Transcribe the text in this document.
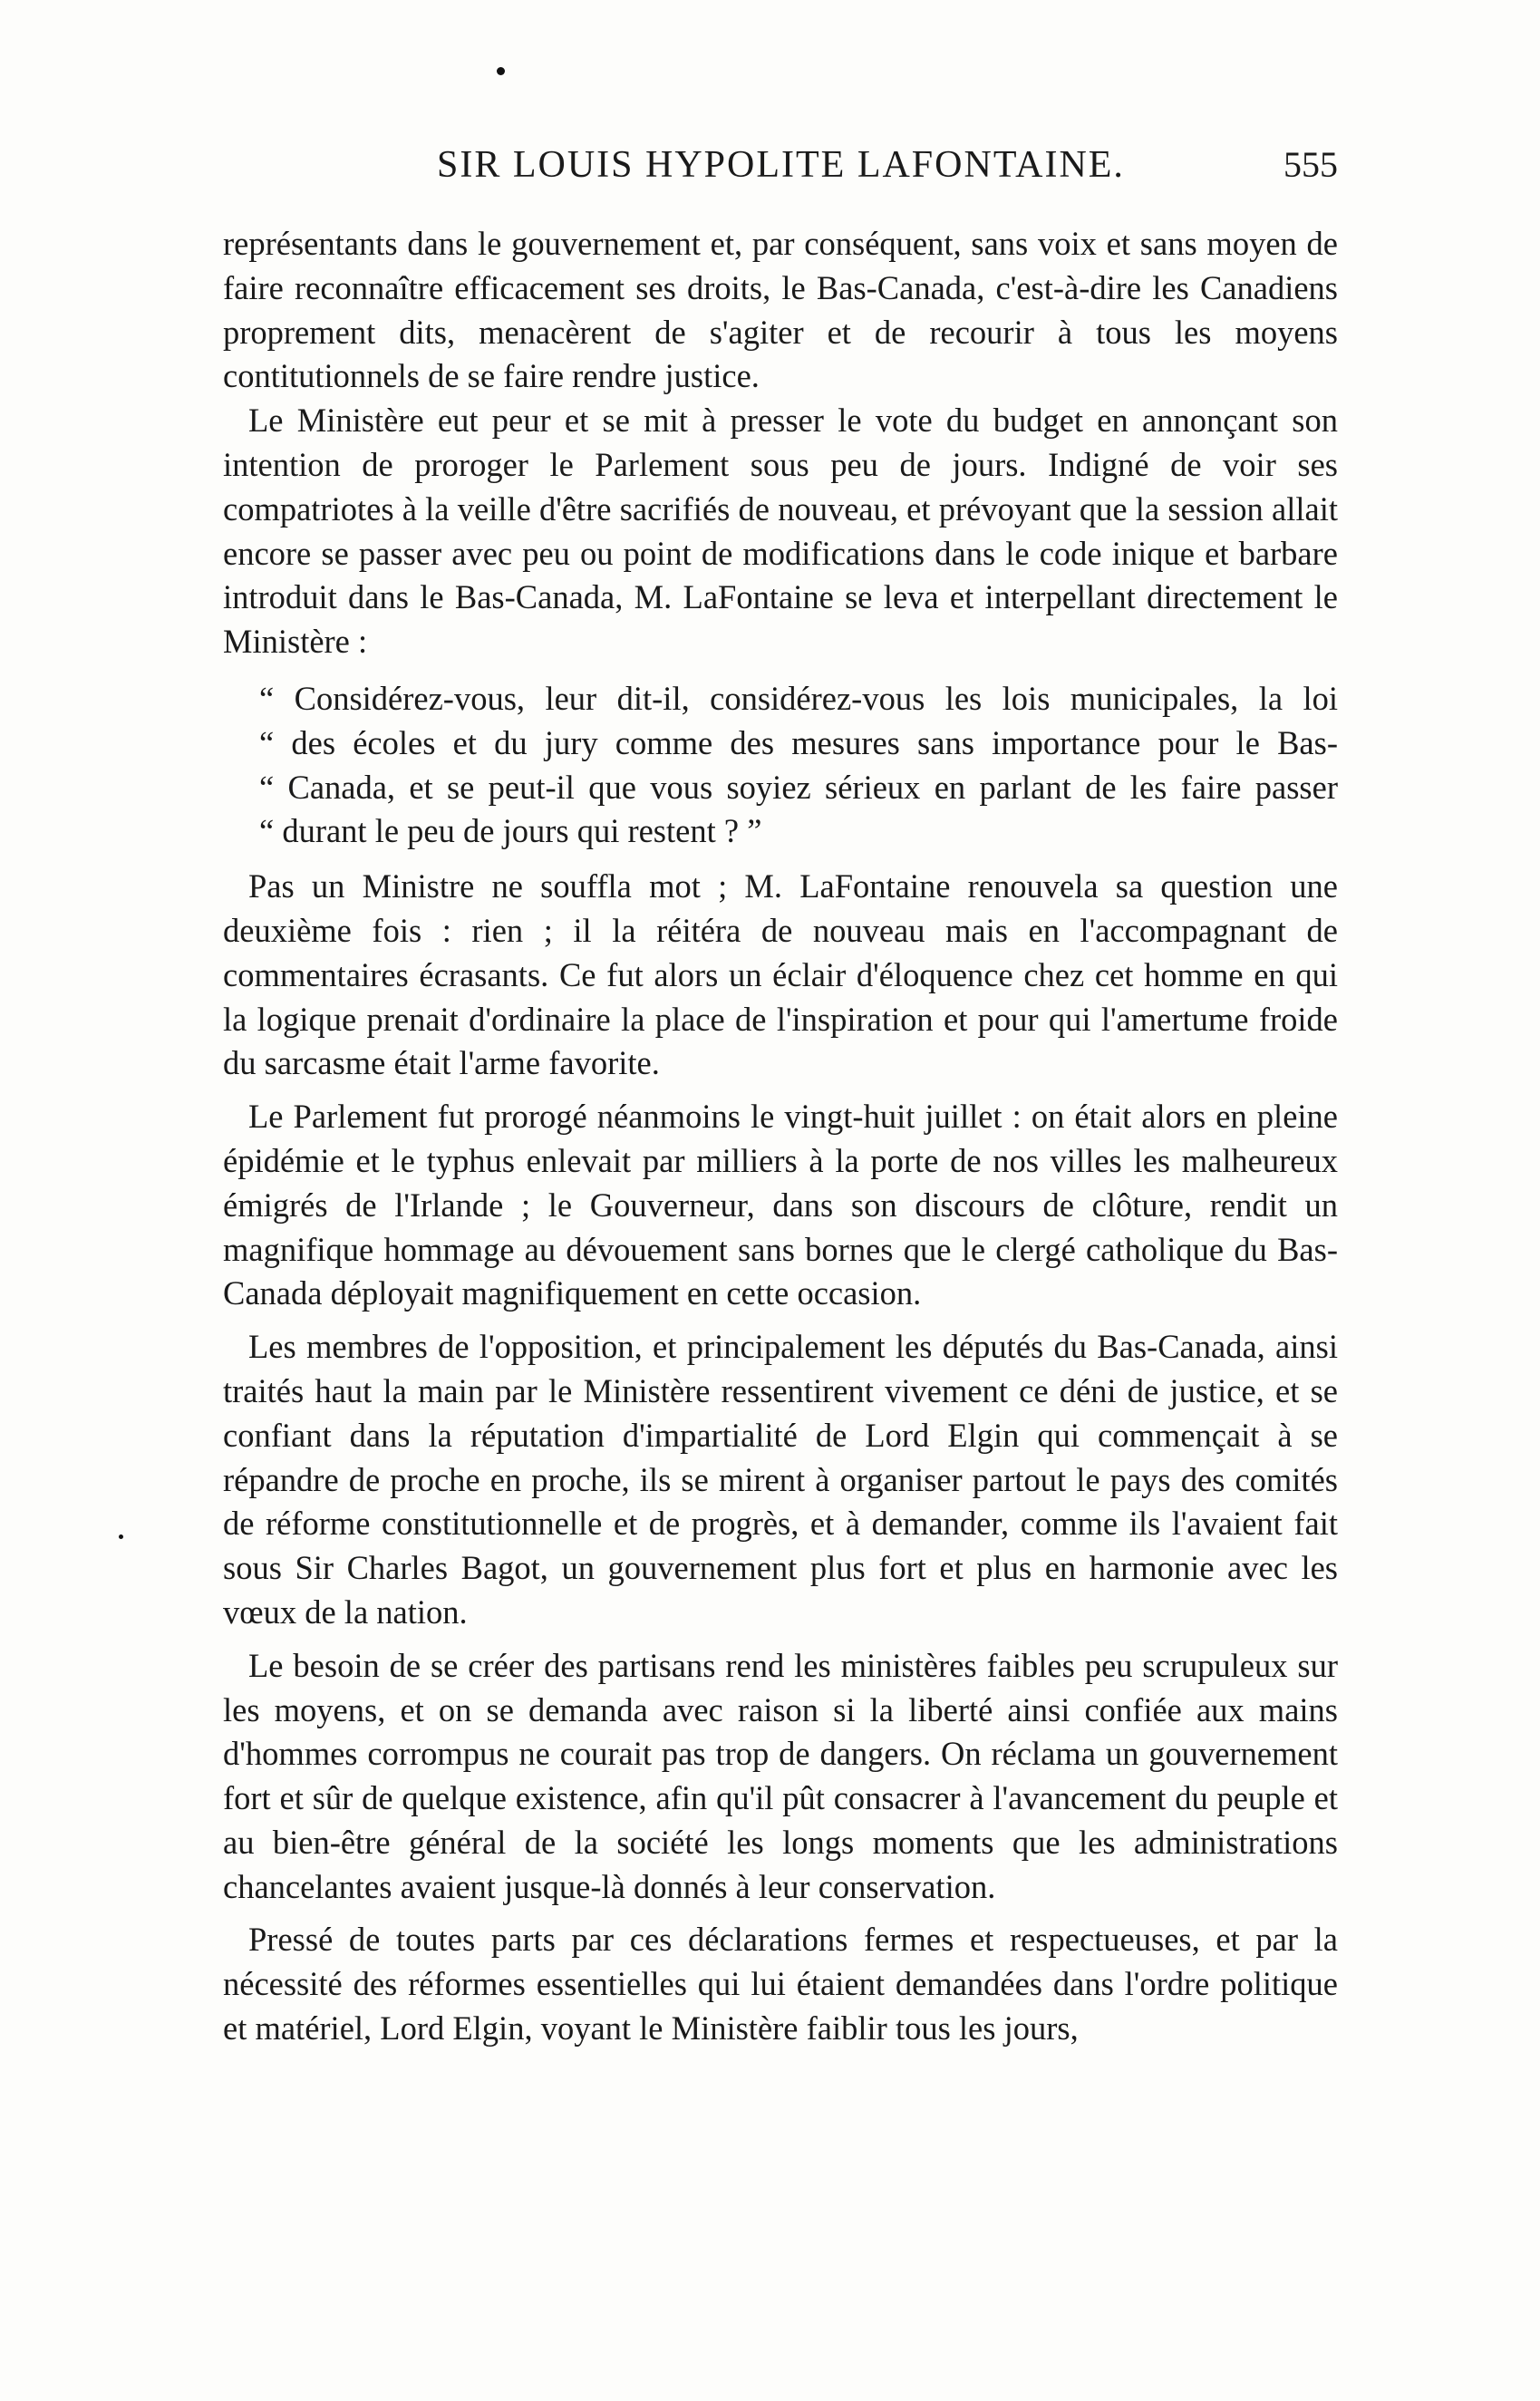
SIR LOUIS HYPOLITE LAFONTAINE.	555

représentants dans le gouvernement et, par conséquent, sans voix et sans moyen de faire reconnaître efficacement ses droits, le Bas-Canada, c'est-à-dire les Canadiens proprement dits, menacèrent de s'agiter et de recourir à tous les moyens contitutionnels de se faire rendre justice.

Le Ministère eut peur et se mit à presser le vote du budget en annonçant son intention de proroger le Parlement sous peu de jours. Indigné de voir ses compatriotes à la veille d'être sacrifiés de nouveau, et prévoyant que la session allait encore se passer avec peu ou point de modifications dans le code inique et barbare introduit dans le Bas-Canada, M. LaFontaine se leva et interpellant directement le Ministère :

“ Considérez-vous, leur dit-il, considérez-vous les lois municipales, la loi
“ des écoles et du jury comme des mesures sans importance pour le Bas-
“ Canada, et se peut-il que vous soyiez sérieux en parlant de les faire passer
“ durant le peu de jours qui restent ? ”

Pas un Ministre ne souffla mot ; M. LaFontaine renouvela sa question une deuxième fois : rien ; il la réitéra de nouveau mais en l'accompagnant de commentaires écrasants. Ce fut alors un éclair d'éloquence chez cet homme en qui la logique prenait d'ordinaire la place de l'inspiration et pour qui l'amertume froide du sarcasme était l'arme favorite.

Le Parlement fut prorogé néanmoins le vingt-huit juillet : on était alors en pleine épidémie et le typhus enlevait par milliers à la porte de nos villes les malheureux émigrés de l'Irlande ; le Gouverneur, dans son discours de clôture, rendit un magnifique hommage au dévouement sans bornes que le clergé catholique du Bas-Canada déployait magnifiquement en cette occasion.

Les membres de l'opposition, et principalement les députés du Bas-Canada, ainsi traités haut la main par le Ministère ressentirent vivement ce déni de justice, et se confiant dans la réputation d'impartialité de Lord Elgin qui commençait à se répandre de proche en proche, ils se mirent à organiser partout le pays des comités de réforme constitutionnelle et de progrès, et à demander, comme ils l'avaient fait sous Sir Charles Bagot, un gouvernement plus fort et plus en harmonie avec les vœux de la nation.

Le besoin de se créer des partisans rend les ministères faibles peu scrupuleux sur les moyens, et on se demanda avec raison si la liberté ainsi confiée aux mains d'hommes corrompus ne courait pas trop de dangers. On réclama un gouvernement fort et sûr de quelque existence, afin qu'il pût consacrer à l'avancement du peuple et au bien-être général de la société les longs moments que les administrations chancelantes avaient jusque-là donnés à leur conservation.

Pressé de toutes parts par ces déclarations fermes et respectueuses, et par la nécessité des réformes essentielles qui lui étaient demandées dans l'ordre politique et matériel, Lord Elgin, voyant le Ministère faiblir tous les jours,
